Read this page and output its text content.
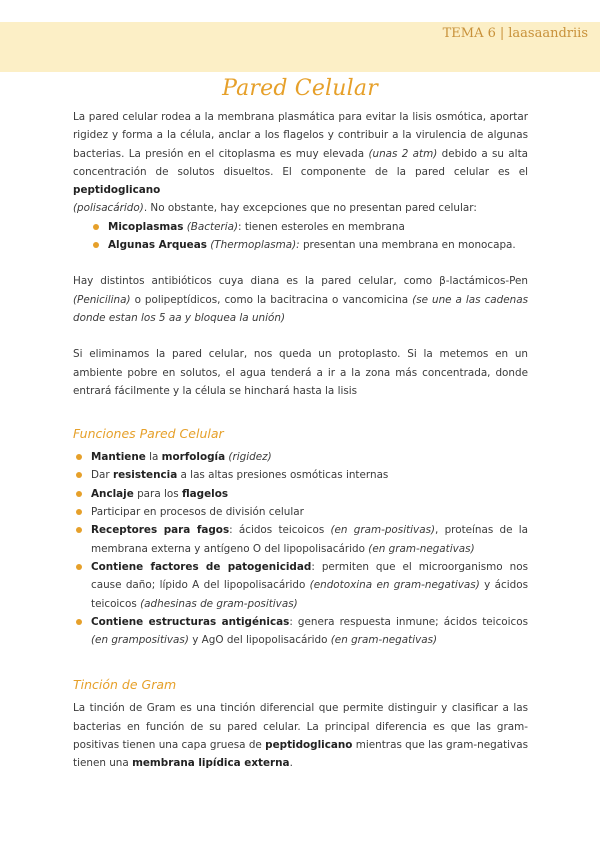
TEMA 6 | laasaandriis
Pared Celular

La pared celular rodea a la membrana plasmática para evitar la lisis osmótica, aportar rigidez y forma a la célula, anclar a los flagelos y contribuir a la virulencia de algunas bacterias. La presión en el citoplasma es muy elevada (unas 2 atm) debido a su alta concentración de solutos disueltos. El componente de la pared celular es el peptidoglicano
(polisacárido). No obstante, hay excepciones que no presentan pared celular:

Micoplasmas (Bacteria): tienen esteroles en membrana
Algunas Arqueas (Thermoplasma): presentan una membrana en monocapa.

Hay distintos antibióticos cuya diana es la pared celular, como β-lactámicos-Pen (Penicilina) o polipeptídicos, como la bacitracina o vancomicina (se une a las cadenas donde estan los 5 aa y bloquea la unión)

Si eliminamos la pared celular, nos queda un protoplasto. Si la metemos en un ambiente pobre en solutos, el agua tenderá a ir a la zona más concentrada, donde entrará fácilmente y la célula se hinchará hasta la lisis

Funciones Pared Celular
Mantiene la morfología (rigidez)
Dar resistencia a las altas presiones osmóticas internas
Anclaje para los flagelos
Participar en procesos de división celular
Receptores para fagos: ácidos teicoicos (en gram-positivas), proteínas de la membrana externa y antígeno O del lipopolisacárido (en gram-negativas)
Contiene factores de patogenicidad: permiten que el microorganismo nos cause daño; lípido A del lipopolisacárido (endotoxina en gram-negativas) y ácidos teicoicos (adhesinas de gram-positivas)
Contiene estructuras antigénicas: genera respuesta inmune; ácidos teicoicos (en grampositivas) y AgO del lipopolisacárido (en gram-negativas)
Tinción de Gram

La tinción de Gram es una tinción diferencial que permite distinguir y clasificar a las bacterias en función de su pared celular. La principal diferencia es que las gram-positivas tienen una capa gruesa de peptidoglicano mientras que las gram-negativas tienen una membrana lipídica externa.
